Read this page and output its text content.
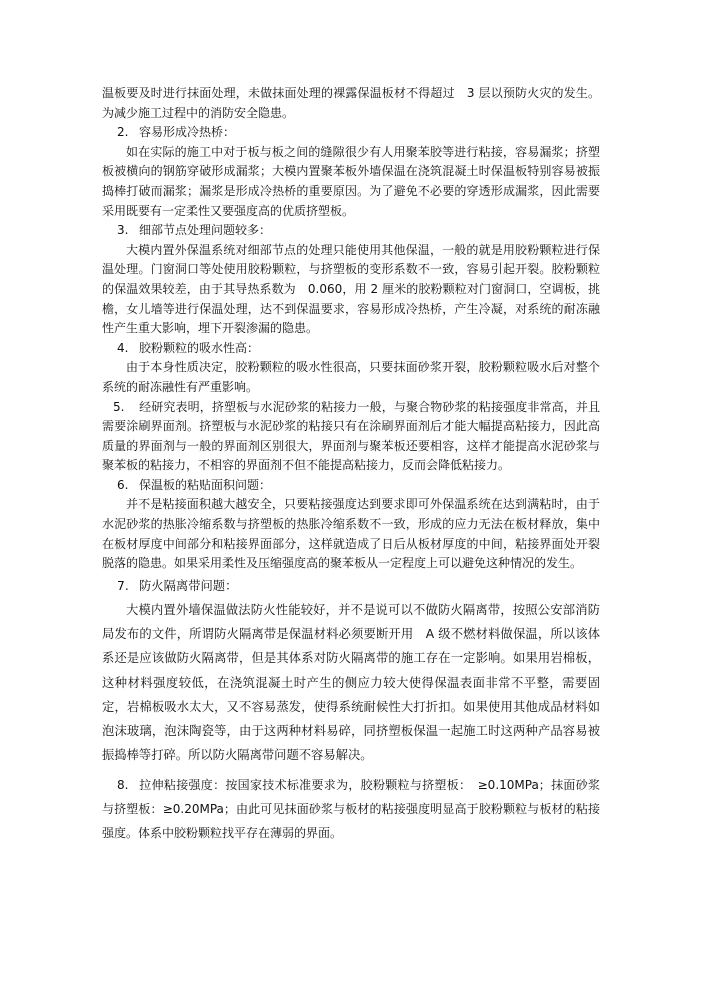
温板要及时进行抹面处理，未做抹面处理的裸露保温板材不得超过　3 层以预防火灾的发生。为减少施工过程中的消防安全隐患。

2. 容易形成冷热桥：

如在实际的施工中对于板与板之间的缝隙很少有人用聚苯胶等进行粘接，容易漏浆；挤塑板被横向的钢筋穿破形成漏浆；大模内置聚苯板外墙保温在浇筑混凝土时保温板特别容易被振捣棒打破而漏浆；漏浆是形成冷热桥的重要原因。为了避免不必要的穿透形成漏浆，因此需要采用既要有一定柔性又要强度高的优质挤塑板。

3. 细部节点处理问题较多：

大模内置外保温系统对细部节点的处理只能使用其他保温，一般的就是用胶粉颗粒进行保温处理。门窗洞口等处使用胶粉颗粒，与挤塑板的变形系数不一致，容易引起开裂。胶粉颗粒的保温效果较差，由于其导热系数为　0.060，用 2 厘米的胶粉颗粒对门窗洞口，空调板，挑檐，女儿墙等进行保温处理，达不到保温要求，容易形成冷热桥，产生冷凝，对系统的耐冻融性产生重大影响，埋下开裂渗漏的隐患。

4. 胶粉颗粒的吸水性高：

由于本身性质决定，胶粉颗粒的吸水性很高，只要抹面砂浆开裂，胶粉颗粒吸水后对整个系统的耐冻融性有严重影响。

5. 经研究表明，挤塑板与水泥砂浆的粘接力一般，与聚合物砂浆的粘接强度非常高，并且需要涂刷界面剂。挤塑板与水泥砂浆的粘接只有在涂刷界面剂后才能大幅提高粘接力，因此高质量的界面剂与一般的界面剂区别很大，界面剂与聚苯板还要相容，这样才能提高水泥砂浆与聚苯板的粘接力，不相容的界面剂不但不能提高粘接力，反而会降低粘接力。

6. 保温板的粘贴面积问题：

并不是粘接面积越大越安全，只要粘接强度达到要求即可外保温系统在达到满粘时，由于水泥砂浆的热胀冷缩系数与挤塑板的热胀冷缩系数不一致，形成的应力无法在板材释放，集中在板材厚度中间部分和粘接界面部分，这样就造成了日后从板材厚度的中间，粘接界面处开裂脱落的隐患。如果采用柔性及压缩强度高的聚苯板从一定程度上可以避免这种情况的发生。

7. 防火隔离带问题：

大模内置外墙保温做法防火性能较好，并不是说可以不做防火隔离带，按照公安部消防局发布的文件，所谓防火隔离带是保温材料必须要断开用　A 级不燃材料做保温，所以该体系还是应该做防火隔离带，但是其体系对防火隔离带的施工存在一定影响。如果用岩棉板，这种材料强度较低，在浇筑混凝土时产生的侧应力较大使得保温表面非常不平整，需要固定，岩棉板吸水太大，又不容易蒸发，使得系统耐候性大打折扣。如果使用其他成品材料如泡沫玻璃，泡沫陶瓷等，由于这两种材料易碎，同挤塑板保温一起施工时这两种产品容易被振捣棒等打碎。所以防火隔离带问题不容易解决。

8. 拉伸粘接强度：按国家技术标准要求为，胶粉颗粒与挤塑板：　≥0.10MPa；抹面砂浆与挤塑板：≥0.20MPa；由此可见抹面砂浆与板材的粘接强度明显高于胶粉颗粒与板材的粘接强度。体系中胶粉颗粒找平存在薄弱的界面。
